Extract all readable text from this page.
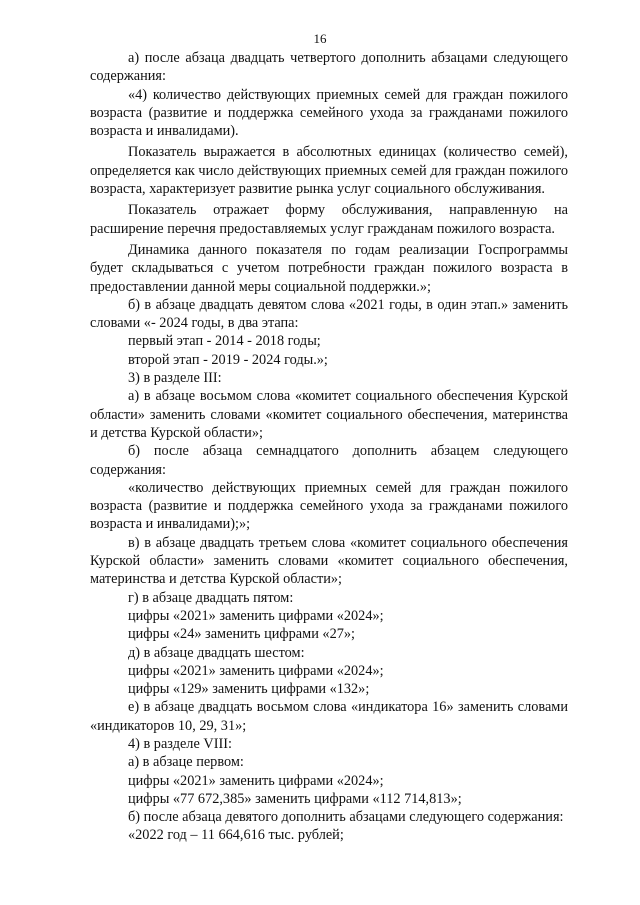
16

а) после абзаца двадцать четвертого дополнить абзацами следующего содержания:

«4) количество действующих приемных семей для граждан пожилого возраста (развитие и поддержка семейного ухода за гражданами пожилого возраста и инвалидами).

Показатель выражается в абсолютных единицах (количество семей), определяется как число действующих приемных семей для граждан пожилого возраста, характеризует развитие рынка услуг социального обслуживания.

Показатель отражает форму обслуживания, направленную на расширение перечня предоставляемых услуг гражданам пожилого возраста.

Динамика данного показателя по годам реализации Госпрограммы будет складываться с учетом потребности граждан пожилого возраста в предоставлении данной меры социальной поддержки.»;

б) в абзаце двадцать девятом слова «2021 годы, в один этап.» заменить словами «- 2024 годы, в два этапа:

первый этап - 2014 - 2018 годы;

второй этап - 2019 - 2024 годы.»;

3) в разделе III:

а) в абзаце восьмом слова «комитет социального обеспечения Курской области» заменить словами «комитет социального обеспечения, материнства и детства Курской области»;

б) после абзаца семнадцатого дополнить абзацем следующего содержания:

«количество действующих приемных семей для граждан пожилого возраста (развитие и поддержка семейного ухода за гражданами пожилого возраста и инвалидами);»;

в) в абзаце двадцать третьем слова «комитет социального обеспечения Курской области» заменить словами «комитет социального обеспечения, материнства и детства Курской области»;

г) в абзаце двадцать пятом:

цифры «2021» заменить цифрами «2024»;

цифры «24» заменить цифрами «27»;

д) в абзаце двадцать шестом:

цифры «2021» заменить цифрами «2024»;

цифры «129» заменить цифрами «132»;

е) в абзаце двадцать восьмом слова «индикатора 16» заменить словами «индикаторов 10, 29, 31»;

4) в разделе VIII:

а) в абзаце первом:

цифры «2021» заменить цифрами «2024»;

цифры «77 672,385» заменить цифрами «112 714,813»;

б) после абзаца девятого дополнить абзацами следующего содержания:

«2022 год – 11 664,616 тыс. рублей;
